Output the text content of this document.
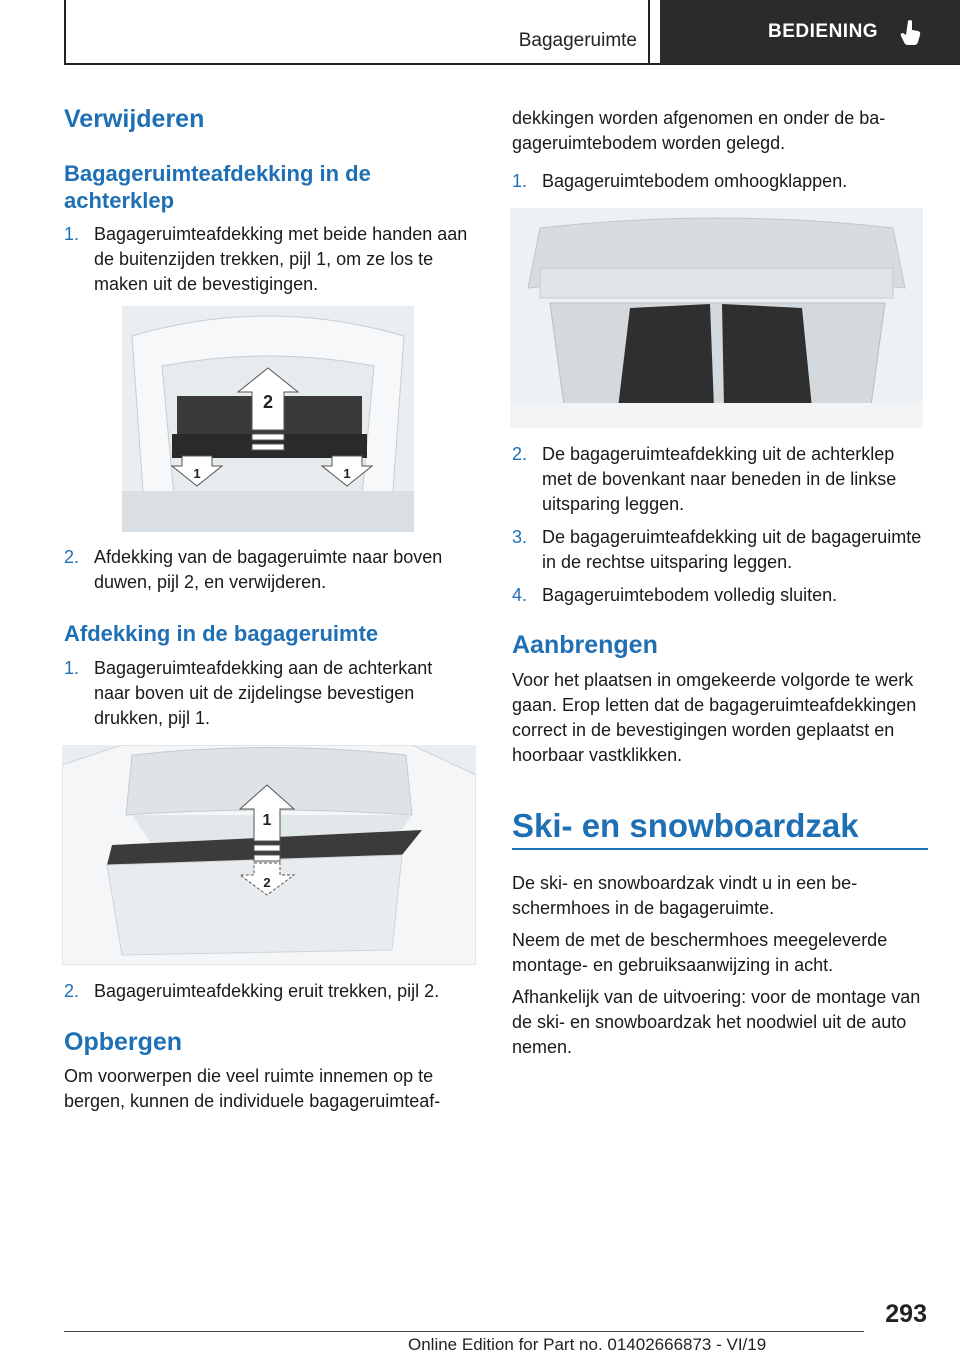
Bagageruimte	BEDIENING
Verwijderen
Bagageruimteafdekking in de achterklep
1. Bagageruimteafdekking met beide handen aan de buitenzijden trekken, pijl 1, om ze los te maken uit de bevestigingen.
2
1	1
2. Afdekking van de bagageruimte naar boven duwen, pijl 2, en verwijderen.
Afdekking in de bagageruimte
1. Bagageruimteafdekking aan de achterkant naar boven uit de zijdelingse bevestigen drukken, pijl 1.
1
2
2. Bagageruimteafdekking eruit trekken, pijl 2.
Opbergen
Om voorwerpen die veel ruimte innemen op te bergen, kunnen de individuele bagageruimteaf-
dekkingen worden afgenomen en onder de bagageruimtebodem worden gelegd.
1. Bagageruimtebodem omhoogklappen.
2. De bagageruimteafdekking uit de achterklep met de bovenkant naar beneden in de linkse uitsparing leggen.
3. De bagageruimteafdekking uit de bagageruimte in de rechtse uitsparing leggen.
4. Bagageruimtebodem volledig sluiten.
Aanbrengen
Voor het plaatsen in omgekeerde volgorde te werk gaan. Erop letten dat de bagageruimteafdekkingen correct in de bevestigingen worden geplaatst en hoorbaar vastklikken.
Ski- en snowboardzak
De ski- en snowboardzak vindt u in een beschermhoes in de bagageruimte.
Neem de met de beschermhoes meegeleverde montage- en gebruiksaanwijzing in acht.
Afhankelijk van de uitvoering: voor de montage van de ski- en snowboardzak het noodwiel uit de auto nemen.
293
Online Edition for Part no. 01402666873 - VI/19
